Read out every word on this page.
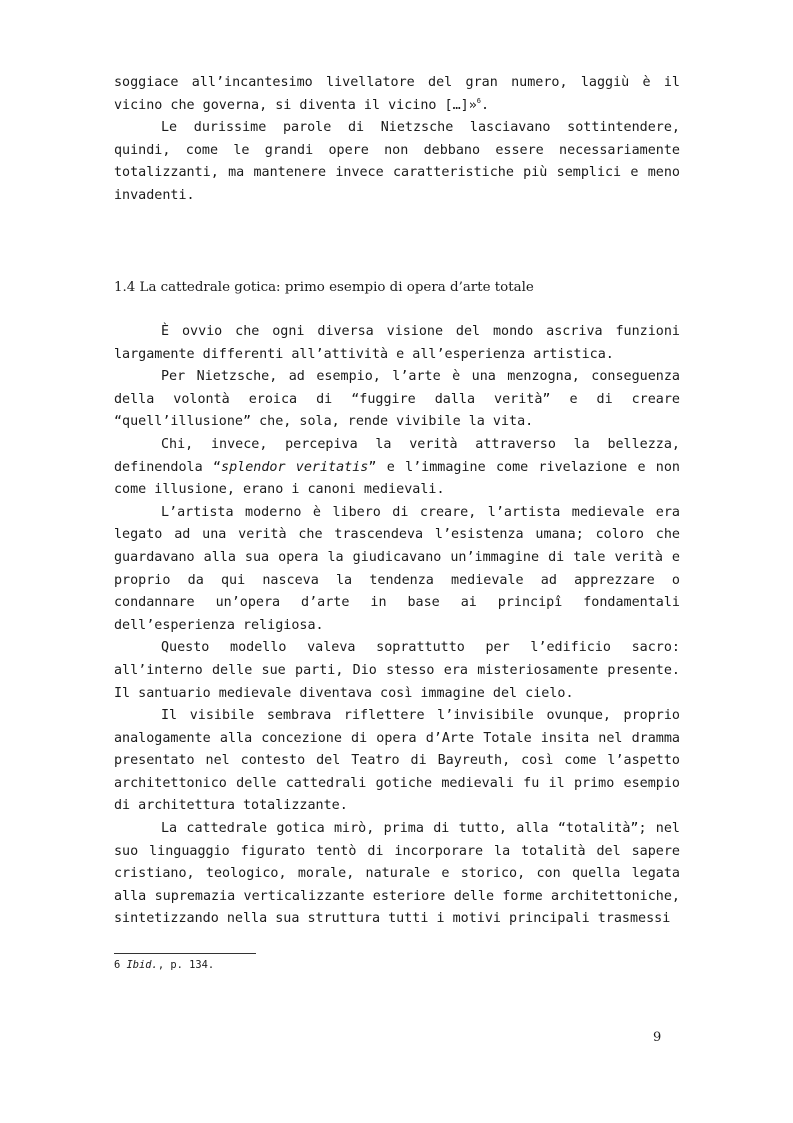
soggiace all’incantesimo livellatore del gran numero, laggiù è il vicino che governa, si diventa il vicino […]»$^6$.

Le durissime parole di Nietzsche lasciavano sottintendere, quindi, come le grandi opere non debbano essere necessariamente totalizzanti, ma mantenere invece caratteristiche più semplici e meno invadenti.

1.4 La cattedrale gotica: primo esempio di opera d’arte totale

È ovvio che ogni diversa visione del mondo ascriva funzioni largamente differenti all’attività e all’esperienza artistica.

Per Nietzsche, ad esempio, l’arte è una menzogna, conseguenza della volontà eroica di “fuggire dalla verità” e di creare “quell’illusione” che, sola, rende vivibile la vita.

Chi, invece, percepiva la verità attraverso la bellezza, definendola “splendor veritatis” e l’immagine come rivelazione e non come illusione, erano i canoni medievali.

L’artista moderno è libero di creare, l’artista medievale era legato ad una verità che trascendeva l’esistenza umana; coloro che guardavano alla sua opera la giudicavano un’immagine di tale verità e proprio da qui nasceva la tendenza medievale ad apprezzare o condannare un’opera d’arte in base ai principî fondamentali dell’esperienza religiosa.

Questo modello valeva soprattutto per l’edificio sacro: all’interno delle sue parti, Dio stesso era misteriosamente presente. Il santuario medievale diventava così immagine del cielo.

Il visibile sembrava riflettere l’invisibile ovunque, proprio analogamente alla concezione di opera d’Arte Totale insita nel dramma presentato nel contesto del Teatro di Bayreuth, così come l’aspetto architettonico delle cattedrali gotiche medievali fu il primo esempio di architettura totalizzante.

La cattedrale gotica mirò, prima di tutto, alla “totalità”; nel suo linguaggio figurato tentò di incorporare la totalità del sapere cristiano, teologico, morale, naturale e storico, con quella legata alla supremazia verticalizzante esteriore delle forme architettoniche, sintetizzando nella sua struttura tutti i motivi principali trasmessi

6 Ibid., p. 134.
9
